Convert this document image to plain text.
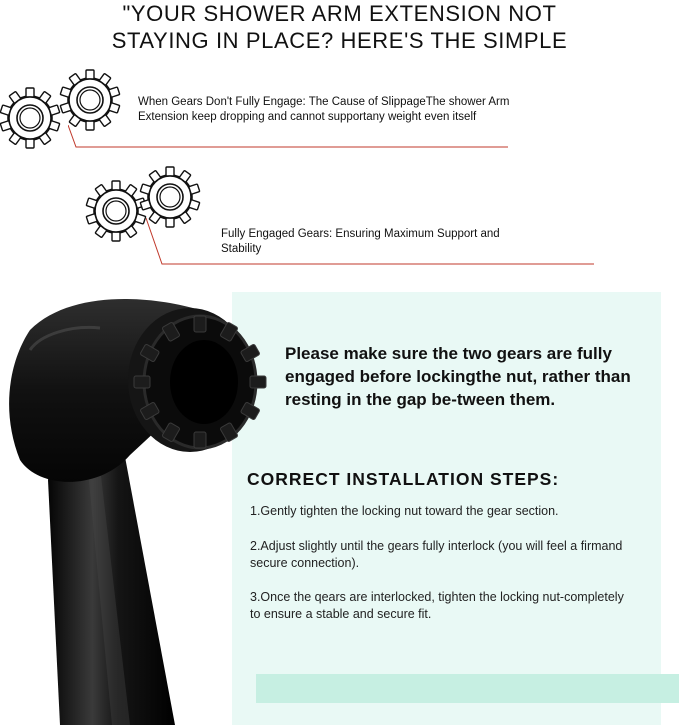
"YOUR SHOWER ARM EXTENSION NOT
STAYING IN PLACE? HERE'S THE SIMPLE
When Gears Don't Fully Engage: The Cause of SlippageThe shower Arm Extension keep dropping and cannot supportany weight even itself
Fully Engaged Gears: Ensuring Maximum Support and Stability
Please make sure the two gears are fully engaged before lockingthe nut, rather than resting in the gap be-tween them.
CORRECT INSTALLATION STEPS:
1.Gently tighten the locking nut toward the gear section.
2.Adjust slightly until the gears fully interlock (you will feel a firmand secure connection).
3.Once the qears are interlocked, tighten the locking nut-completely to ensure a stable and secure fit.
